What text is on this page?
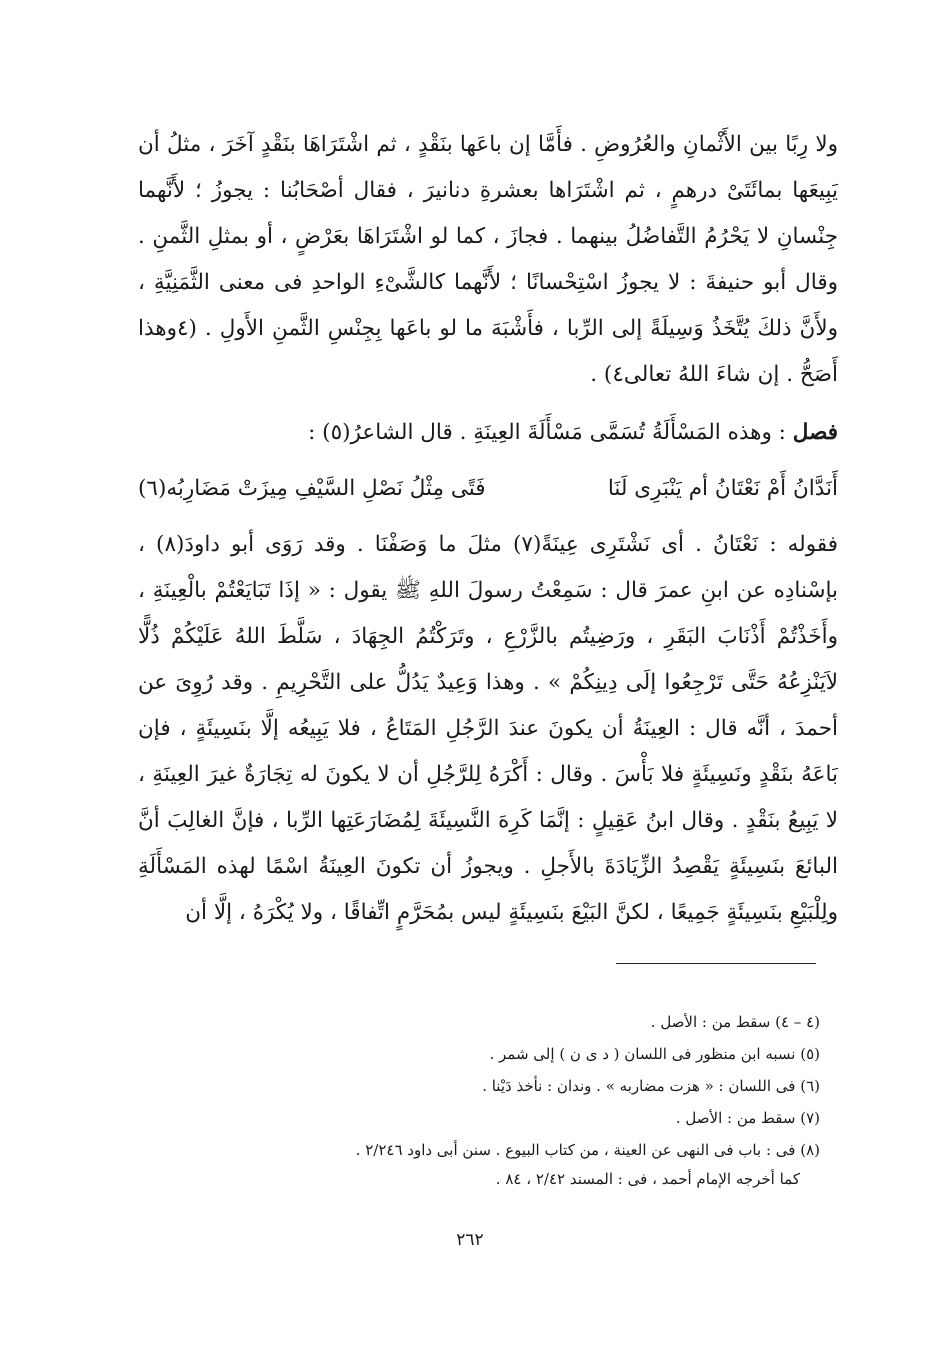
ولا رِبًا بين الأَثْمانِ والعُرُوضِ . فأَمَّا إن باعَها بنَقْدٍ ، ثم اشْتَرَاهَا بنَقْدٍ آخَرَ ، مثلُ أن يَبِيعَها بمائَتَىْ درهمٍ ، ثم اشْتَرَاها بعشرةِ دنانيرَ ، فقال أصْحَابُنا : يجوزُ ؛ لأَنَّهما جِنْسانِ لا يَحْرُمُ التَّفاضُلُ بينهما . فجازَ ، كما لو اشْتَرَاهَا بعَرْضٍ ، أو بمثلِ الثَّمنِ . وقال أبو حنيفةَ : لا يجوزُ اسْتِحْسانًا ؛ لأَنَّهما كالشَّىْءِ الواحدِ فى معنى الثَّمَنِيَّةِ ، ولأَنَّ ذلكَ يُتَّخَذُ وَسِيلَةً إلى الرِّبا ، فأَشْبَهَ ما لو باعَها بِجِنْسِ الثَّمنِ الأَولِ . (٤وهذا أَصَحُّ . إن شاءَ اللهُ تعالى٤) .

فصل : وهذه المَسْأَلَةُ تُسَمَّى مَسْأَلَةَ العِينَةِ . قال الشاعرُ(٥) :

أَنَدَّانُ أَمْ نَعْتَانُ أم يَنْبَرِى لَنَا
فَتًى مِثْلُ نَصْلِ السَّيْفِ مِيزَتْ مَضَارِبُه(٦)

فقوله : نَعْتَانُ . أى نَشْتَرِى عِينَةً(٧) مثلَ ما وَصَفْنَا . وقد رَوَى أبو داودَ(٨) ، بإسْنادِه عن ابنِ عمرَ قال : سَمِعْتُ رسولَ اللهِ ﷺ يقول : « إذَا تَبَايَعْتُمْ بالْعِينَةِ ، وأَخَذْتُمْ أَذْنَابَ البَقَرِ ، ورَضِيتُم بالزَّرْعِ ، وتَرَكْتُمُ الجِهَادَ ، سَلَّطَ اللهُ عَلَيْكُمْ ذُلًّا لاَيَنْزِعُهُ حَتَّى تَرْجِعُوا إلَى دِينِكُمْ » . وهذا وَعِيدٌ يَدُلُّ على التَّحْرِيمِ . وقد رُوِىَ عن أحمدَ ، أنَّه قال : العِينَةُ أن يكونَ عندَ الرَّجُلِ المَتَاعُ ، فلا يَبِيعُه إلَّا بنَسِيئَةٍ ، فإن بَاعَهُ بنَقْدٍ ونَسِيئَةٍ فلا بَأْسَ . وقال : أَكْرَهُ لِلرَّجُلِ أن لا يكونَ له تِجَارَةٌ غيرَ العِينَةِ ، لا يَبِيعُ بنَقْدٍ . وقال ابنُ عَقِيلٍ : إنَّمَا كَرِهَ النَّسِيئَةَ لِمُضَارَعَتِها الرِّبا ، فإنَّ الغالِبَ أنَّ البائعَ بنَسِيئَةٍ يَقْصِدُ الزِّيَادَةَ بالأَجلِ . ويجوزُ أن تكونَ العِينَةُ اسْمًا لهذه المَسْأَلَةِ ولِلْبَيْعِ بنَسِيئَةٍ جَمِيعًا ، لكنَّ البَيْعَ بنَسِيئَةٍ ليس بمُحَرَّمٍ اتِّفاقًا ، ولا يُكْرَهُ ، إلَّا أن

(٤ – ٤) سقط من : الأصل .
(٥) نسبه ابن منظور فى اللسان ( د ى ن ) إلى شمر .
(٦) فى اللسان : « هزت مضاربه » . وندان : نأخذ دَيْنا .
(٧) سقط من : الأصل .
(٨) فى : باب فى النهى عن العينة ، من كتاب البيوع . سنن أبى داود ٢/٢٤٦ .
كما أخرجه الإمام أحمد ، فى : المسند ٢/٤٢ ، ٨٤ .
٢٦٢
